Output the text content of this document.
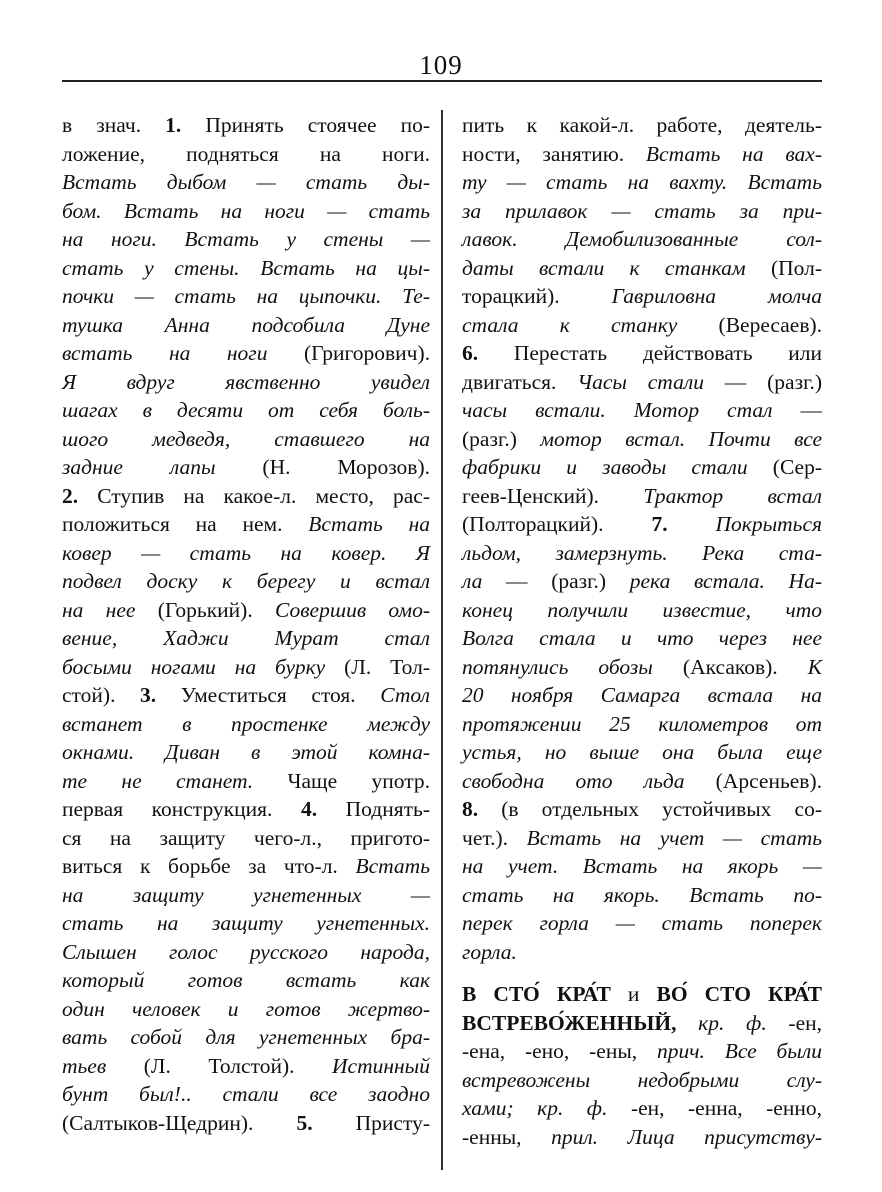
109
в знач. 1. Принять стоячее по-
ложение, подняться на ноги.
Встать дыбом — стать ды-
бом. Встать на ноги — стать
на ноги. Встать у стены —
стать у стены. Встать на цы-
почки — стать на цыпочки. Те-
тушка Анна подсобила Дуне
встать на ноги (Григорович).
Я вдруг явственно увидел
шагах в десяти от себя боль-
шого медведя, ставшего на
задние лапы (Н. Морозов).
2. Ступив на какое-л. место, рас-
положиться на нем. Встать на
ковер — стать на ковер. Я
подвел доску к берегу и встал
на нее (Горький). Совершив омо-
вение, Хаджи Мурат стал
босыми ногами на бурку (Л. Тол-
стой). 3. Уместиться стоя. Стол
встанет в простенке между
окнами. Диван в этой комна-
те не станет. Чаще употр.
первая конструкция. 4. Поднять-
ся на защиту чего-л., пригото-
виться к борьбе за что-л. Встать
на защиту угнетенных —
стать на защиту угнетенных.
Слышен голос русского народа,
который готов встать как
один человек и готов жертво-
вать собой для угнетенных бра-
тьев (Л. Толстой). Истинный
бунт был!.. стали все заодно
(Салтыков-Щедрин). 5. Присту-
пить к какой-л. работе, деятель-
ности, занятию. Встать на вах-
ту — стать на вахту. Встать
за прилавок — стать за при-
лавок. Демобилизованные сол-
даты встали к станкам (Пол-
торацкий). Гавриловна молча
стала к станку (Вересаев).
6. Перестать действовать или
двигаться. Часы стали — (разг.)
часы встали. Мотор стал —
(разг.) мотор встал. Почти все
фабрики и заводы стали (Сер-
геев-Ценский). Трактор встал
(Полторацкий). 7. Покрыться
льдом, замерзнуть. Река ста-
ла — (разг.) река встала. На-
конец получили известие, что
Волга стала и что через нее
потянулись обозы (Аксаков). К
20 ноября Самарга встала на
протяжении 25 километров от
устья, но выше она была еще
свободна ото льда (Арсеньев).
8. (в отдельных устойчивых со-
чет.). Встать на учет — стать
на учет. Встать на якорь —
стать на якорь. Встать по-
перек горла — стать поперек
горла.
В СТО́ КРА́Т и ВО́ СТО КРА́Т
ВСТРЕВО́ЖЕННЫЙ, кр. ф. -ен,
-ена, -ено, -ены, прич. Все были
встревожены недобрыми слу-
хами; кр. ф. -ен, -енна, -енно,
-енны, прил. Лица присутству-
